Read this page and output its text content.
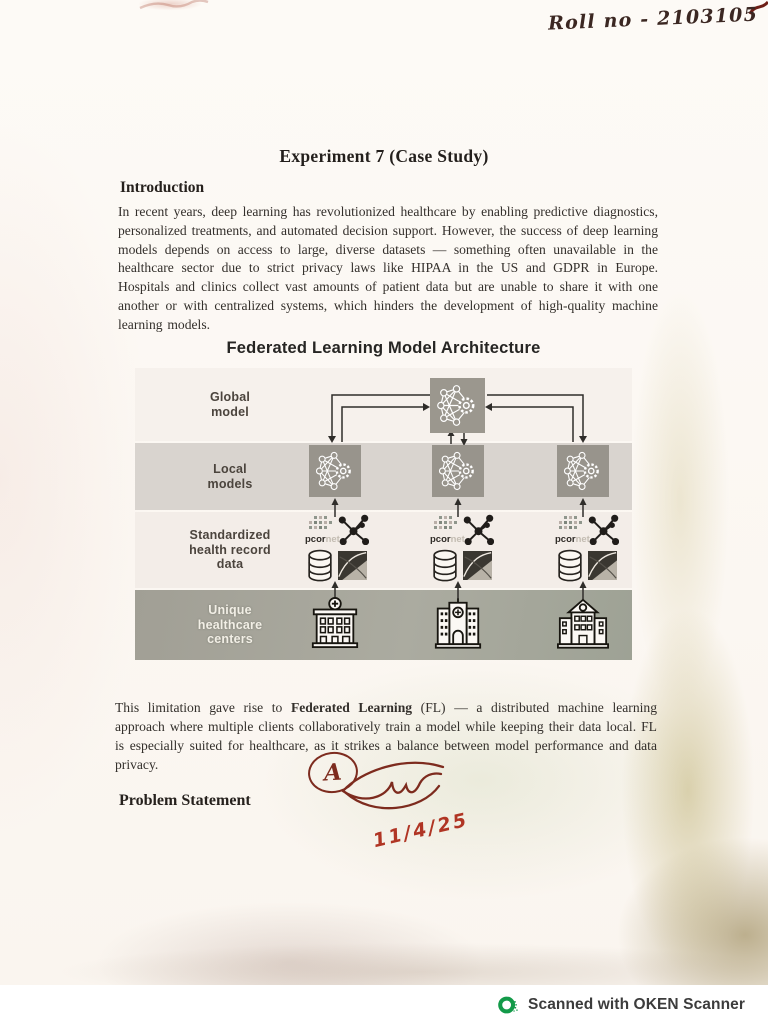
Roll no - 2103105
Experiment 7 (Case Study)
Introduction
In recent years, deep learning has revolutionized healthcare by enabling predictive diagnostics, personalized treatments, and automated decision support. However, the success of deep learning models depends on access to large, diverse datasets — something often unavailable in the healthcare sector due to strict privacy laws like HIPAA in the US and GDPR in Europe. Hospitals and clinics collect vast amounts of patient data but are unable to share it with one another or with centralized systems, which hinders the development of high-quality machine learning models.
Federated Learning Model Architecture
Global model
Local models
Standardized health record data
Unique healthcare centers
pcornet	pcornet	pcornet

This limitation gave rise to Federated Learning (FL) — a distributed machine learning approach where multiple clients collaboratively train a model while keeping their data local. FL is especially suited for healthcare, as it strikes a balance between model performance and data privacy.

Problem Statement
A
11/4/25
Scanned with OKEN Scanner
